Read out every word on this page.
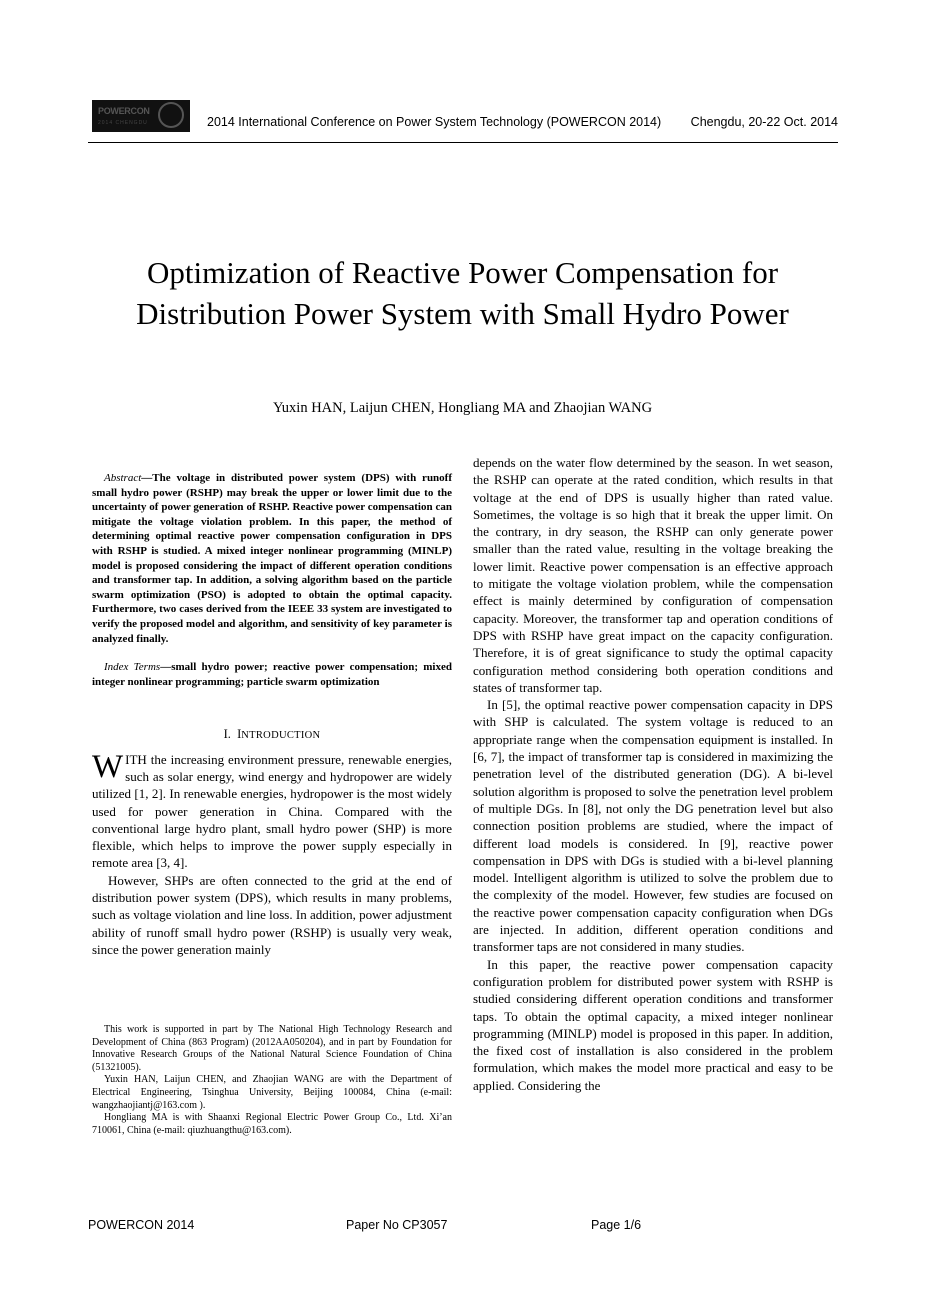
POWERCON
2014 CHENGDU	2014 International Conference on Power System Technology (POWERCON 2014) Chengdu, 20-22 Oct. 2014
Optimization of Reactive Power Compensation for Distribution Power System with Small Hydro Power
Yuxin HAN, Laijun CHEN, Hongliang MA and Zhaojian WANG

Abstract—The voltage in distributed power system (DPS) with runoff small hydro power (RSHP) may break the upper or lower limit due to the uncertainty of power generation of RSHP. Reactive power compensation can mitigate the voltage violation problem. In this paper, the method of determining optimal reactive power compensation configuration in DPS with RSHP is studied. A mixed integer nonlinear programming (MINLP) model is proposed considering the impact of different operation conditions and transformer tap. In addition, a solving algorithm based on the particle swarm optimization (PSO) is adopted to obtain the optimal capacity. Furthermore, two cases derived from the IEEE 33 system are investigated to verify the proposed model and algorithm, and sensitivity of key parameter is analyzed finally.

Index Terms—small hydro power; reactive power compensation; mixed integer nonlinear programming; particle swarm optimization

I. INTRODUCTION

WITH the increasing environment pressure, renewable energies, such as solar energy, wind energy and hydropower are widely utilized [1, 2]. In renewable energies, hydropower is the most widely used for power generation in China. Compared with the conventional large hydro plant, small hydro power (SHP) is more flexible, which helps to improve the power supply especially in remote area [3, 4].

However, SHPs are often connected to the grid at the end of distribution power system (DPS), which results in many problems, such as voltage violation and line loss. In addition, power adjustment ability of runoff small hydro power (RSHP) is usually very weak, since the power generation mainly

This work is supported in part by The National High Technology Research and Development of China (863 Program) (2012AA050204), and in part by Foundation for Innovative Research Groups of the National Natural Science Foundation of China (51321005).

Yuxin HAN, Laijun CHEN, and Zhaojian WANG are with the Department of Electrical Engineering, Tsinghua University, Beijing 100084, China (e-mail: wangzhaojiantj@163.com ).

Hongliang MA is with Shaanxi Regional Electric Power Group Co., Ltd. Xi’an 710061, China (e-mail: qiuzhuangthu@163.com).

depends on the water flow determined by the season. In wet season, the RSHP can operate at the rated condition, which results in that voltage at the end of DPS is usually higher than rated value. Sometimes, the voltage is so high that it break the upper limit. On the contrary, in dry season, the RSHP can only generate power smaller than the rated value, resulting in the voltage breaking the lower limit. Reactive power compensation is an effective approach to mitigate the voltage violation problem, while the compensation effect is mainly determined by configuration of compensation capacity. Moreover, the transformer tap and operation conditions of DPS with RSHP have great impact on the capacity configuration. Therefore, it is of great significance to study the optimal capacity configuration method considering both operation conditions and states of transformer tap.

In [5], the optimal reactive power compensation capacity in DPS with SHP is calculated. The system voltage is reduced to an appropriate range when the compensation equipment is installed. In [6, 7], the impact of transformer tap is considered in maximizing the penetration level of the distributed generation (DG). A bi-level solution algorithm is proposed to solve the penetration level problem of multiple DGs. In [8], not only the DG penetration level but also connection position problems are studied, where the impact of different load models is considered. In [9], reactive power compensation in DPS with DGs is studied with a bi-level planning model. Intelligent algorithm is utilized to solve the problem due to the complexity of the model. However, few studies are focused on the reactive power compensation capacity configuration when DGs are injected. In addition, different operation conditions and transformer taps are not considered in many studies.

In this paper, the reactive power compensation capacity configuration problem for distributed power system with RSHP is studied considering different operation conditions and transformer taps. To obtain the optimal capacity, a mixed integer nonlinear programming (MINLP) model is proposed in this paper. In addition, the fixed cost of installation is also considered in the problem formulation, which makes the model more practical and easy to be applied. Considering the

POWERCON 2014	Paper No CP3057	Page 1/6
